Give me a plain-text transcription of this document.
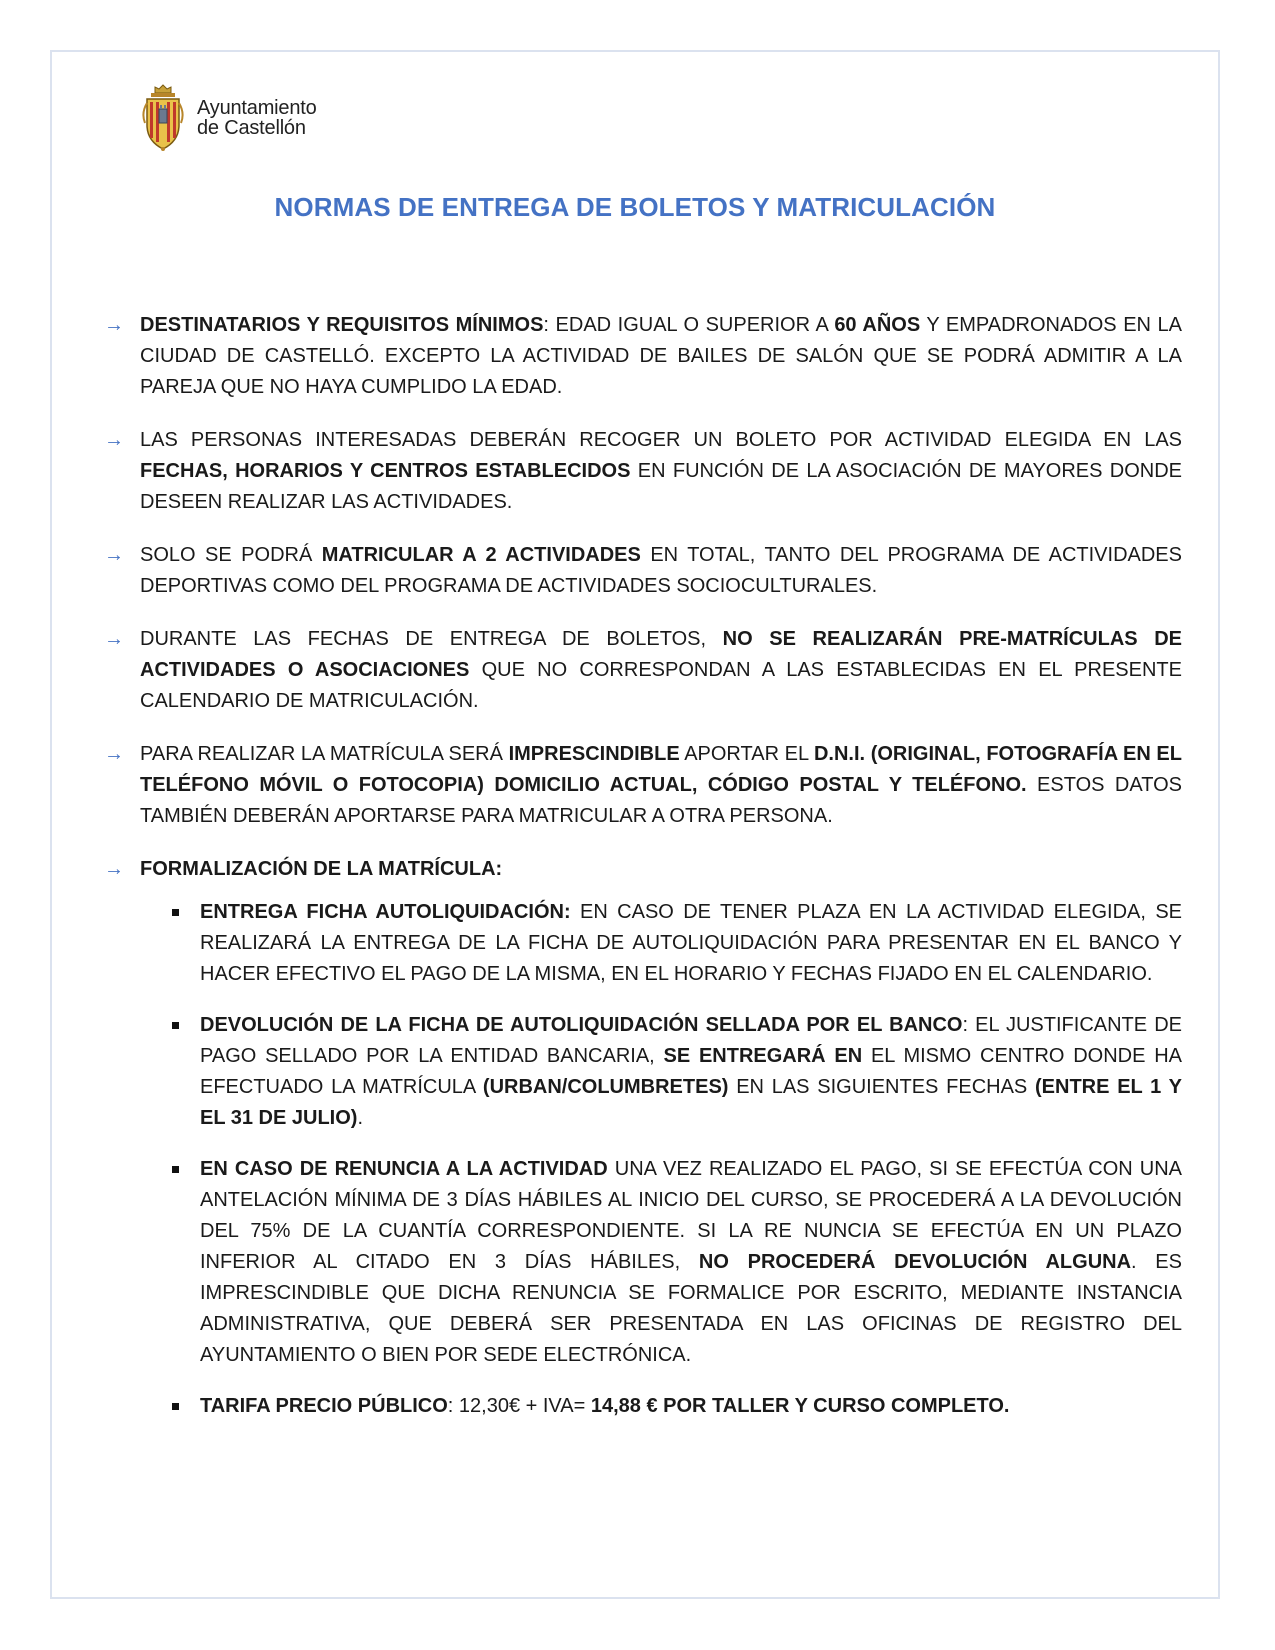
Ayuntamiento
de Castellón
NORMAS DE ENTREGA DE BOLETOS Y MATRICULACIÓN
→ DESTINATARIOS Y REQUISITOS MÍNIMOS: EDAD IGUAL O SUPERIOR A 60 AÑOS Y EMPADRONADOS EN LA CIUDAD DE CASTELLÓ. EXCEPTO LA ACTIVIDAD DE BAILES DE SALÓN QUE SE PODRÁ ADMITIR A LA PAREJA QUE NO HAYA CUMPLIDO LA EDAD.
→ LAS PERSONAS INTERESADAS DEBERÁN RECOGER UN BOLETO POR ACTIVIDAD ELEGIDA EN LAS FECHAS, HORARIOS Y CENTROS ESTABLECIDOS EN FUNCIÓN DE LA ASOCIACIÓN DE MAYORES DONDE DESEEN REALIZAR LAS ACTIVIDADES.
→ SOLO SE PODRÁ MATRICULAR A 2 ACTIVIDADES EN TOTAL, TANTO DEL PROGRAMA DE ACTIVIDADES DEPORTIVAS COMO DEL PROGRAMA DE ACTIVIDADES SOCIOCULTURALES.
→ DURANTE LAS FECHAS DE ENTREGA DE BOLETOS, NO SE REALIZARÁN PRE-MATRÍCULAS DE ACTIVIDADES O ASOCIACIONES QUE NO CORRESPONDAN A LAS ESTABLECIDAS EN EL PRESENTE CALENDARIO DE MATRICULACIÓN.
→ PARA REALIZAR LA MATRÍCULA SERÁ IMPRESCINDIBLE APORTAR EL D.N.I. (ORIGINAL, FOTOGRAFÍA EN EL TELÉFONO MÓVIL O FOTOCOPIA) DOMICILIO ACTUAL, CÓDIGO POSTAL Y TELÉFONO. ESTOS DATOS TAMBIÉN DEBERÁN APORTARSE PARA MATRICULAR A OTRA PERSONA.
→ FORMALIZACIÓN DE LA MATRÍCULA:
ENTREGA FICHA AUTOLIQUIDACIÓN: EN CASO DE TENER PLAZA EN LA ACTIVIDAD ELEGIDA, SE REALIZARÁ LA ENTREGA DE LA FICHA DE AUTOLIQUIDACIÓN PARA PRESENTAR EN EL BANCO Y HACER EFECTIVO EL PAGO DE LA MISMA, EN EL HORARIO Y FECHAS FIJADO EN EL CALENDARIO.
DEVOLUCIÓN DE LA FICHA DE AUTOLIQUIDACIÓN SELLADA POR EL BANCO: EL JUSTIFICANTE DE PAGO SELLADO POR LA ENTIDAD BANCARIA, SE ENTREGARÁ EN EL MISMO CENTRO DONDE HA EFECTUADO LA MATRÍCULA (URBAN/COLUMBRETES) EN LAS SIGUIENTES FECHAS (ENTRE EL 1 Y EL 31 DE JULIO).
EN CASO DE RENUNCIA A LA ACTIVIDAD UNA VEZ REALIZADO EL PAGO, SI SE EFECTÚA CON UNA ANTELACIÓN MÍNIMA DE 3 DÍAS HÁBILES AL INICIO DEL CURSO, SE PROCEDERÁ A LA DEVOLUCIÓN DEL 75% DE LA CUANTÍA CORRESPONDIENTE. SI LA RE NUNCIA SE EFECTÚA EN UN PLAZO INFERIOR AL CITADO EN 3 DÍAS HÁBILES, NO PROCEDERÁ DEVOLUCIÓN ALGUNA. ES IMPRESCINDIBLE QUE DICHA RENUNCIA SE FORMALICE POR ESCRITO, MEDIANTE INSTANCIA ADMINISTRATIVA, QUE DEBERÁ SER PRESENTADA EN LAS OFICINAS DE REGISTRO DEL AYUNTAMIENTO O BIEN POR SEDE ELECTRÓNICA.
TARIFA PRECIO PÚBLICO: 12,30€ + IVA= 14,88 € POR TALLER Y CURSO COMPLETO.
